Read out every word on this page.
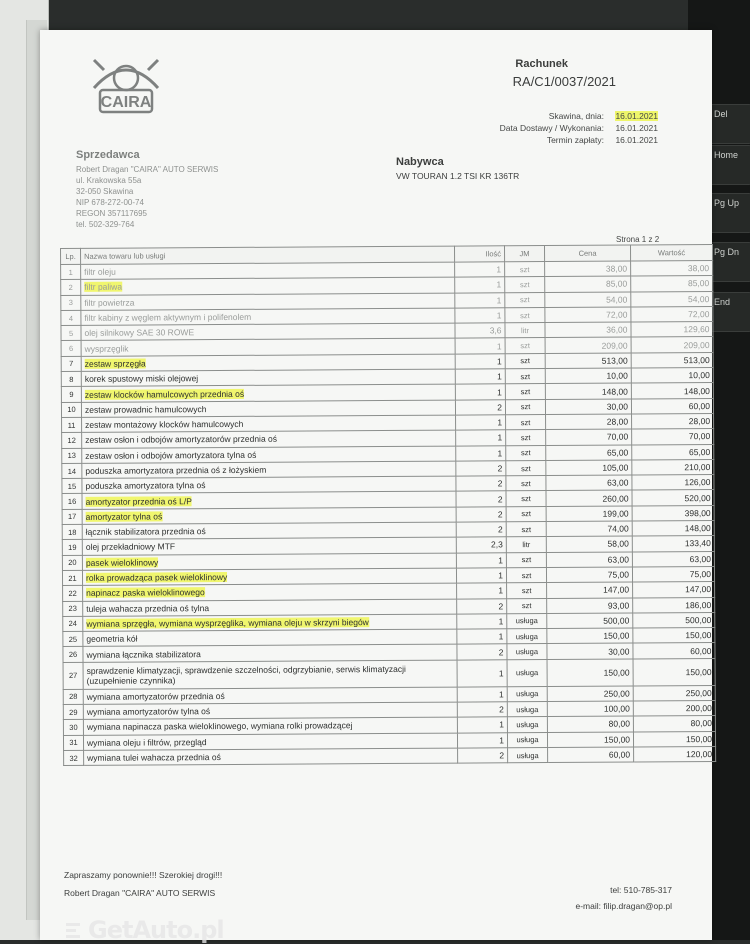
Del
Home
Pg Up
Pg Dn
End
CAIRA
Rachunek
RA/C1/0037/2021
Skawina, dnia:	16.01.2021
Data Dostawy / Wykonania:	16.01.2021
Termin zapłaty:	16.01.2021
Sprzedawca
Robert Dragan "CAIRA" AUTO SERWIS
ul. Krakowska 55a
32-050 Skawina
NIP 678-272-00-74
REGON 357117695
tel. 502-329-764
Nabywca
VW TOURAN 1.2 TSI KR 136TR
Strona 1 z 2
Lp.	Nazwa towaru lub usługi	Ilość	JM	Cena	Wartość
1	filtr oleju	1	szt	38,00	38,00
2	filtr paliwa	1	szt	85,00	85,00
3	filtr powietrza	1	szt	54,00	54,00
4	filtr kabiny z węglem aktywnym i polifenolem	1	szt	72,00	72,00
5	olej silnikowy SAE 30 ROWE	3,6	litr	36,00	129,60
6	wysprzęglik	1	szt	209,00	209,00
7	zestaw sprzęgła	1	szt	513,00	513,00
8	korek spustowy miski olejowej	1	szt	10,00	10,00
9	zestaw klocków hamulcowych przednia oś	1	szt	148,00	148,00
10	zestaw prowadnic hamulcowych	2	szt	30,00	60,00
11	zestaw montażowy klocków hamulcowych	1	szt	28,00	28,00
12	zestaw osłon i odbojów amortyzatorów przednia oś	1	szt	70,00	70,00
13	zestaw osłon i odbojów amortyzatora tylna oś	1	szt	65,00	65,00
14	poduszka amortyzatora przednia oś z łożyskiem	2	szt	105,00	210,00
15	poduszka amortyzatora tylna oś	2	szt	63,00	126,00
16	amortyzator przednia oś L/P	2	szt	260,00	520,00
17	amortyzator tylna oś	2	szt	199,00	398,00
18	łącznik stabilizatora przednia oś	2	szt	74,00	148,00
19	olej przekładniowy MTF	2,3	litr	58,00	133,40
20	pasek wieloklinowy	1	szt	63,00	63,00
21	rolka prowadząca pasek wieloklinowy	1	szt	75,00	75,00
22	napinacz paska wieloklinowego	1	szt	147,00	147,00
23	tuleja wahacza przednia oś tylna	2	szt	93,00	186,00
24	wymiana sprzęgła, wymiana wysprzęglika, wymiana oleju w skrzyni biegów	1	usługa	500,00	500,00
25	geometria kół	1	usługa	150,00	150,00
26	wymiana łącznika stabilizatora	2	usługa	30,00	60,00
27	sprawdzenie klimatyzacji, sprawdzenie szczelności, odgrzybianie, serwis klimatyzacji (uzupełnienie czynnika)	1	usługa	150,00	150,00
28	wymiana amortyzatorów przednia oś	1	usługa	250,00	250,00
29	wymiana amortyzatorów tylna oś	2	usługa	100,00	200,00
30	wymiana napinacza paska wieloklinowego, wymiana rolki prowadzącej	1	usługa	80,00	80,00
31	wymiana oleju i filtrów, przegląd	1	usługa	150,00	150,00
32	wymiana tulei wahacza przednia oś	2	usługa	60,00	120,00
Zapraszamy ponownie!!! Szerokiej drogi!!!
Robert Dragan "CAIRA" AUTO SERWIS	tel: 510-785-317
e-mail: filip.dragan@op.pl
GetAuto.pl
